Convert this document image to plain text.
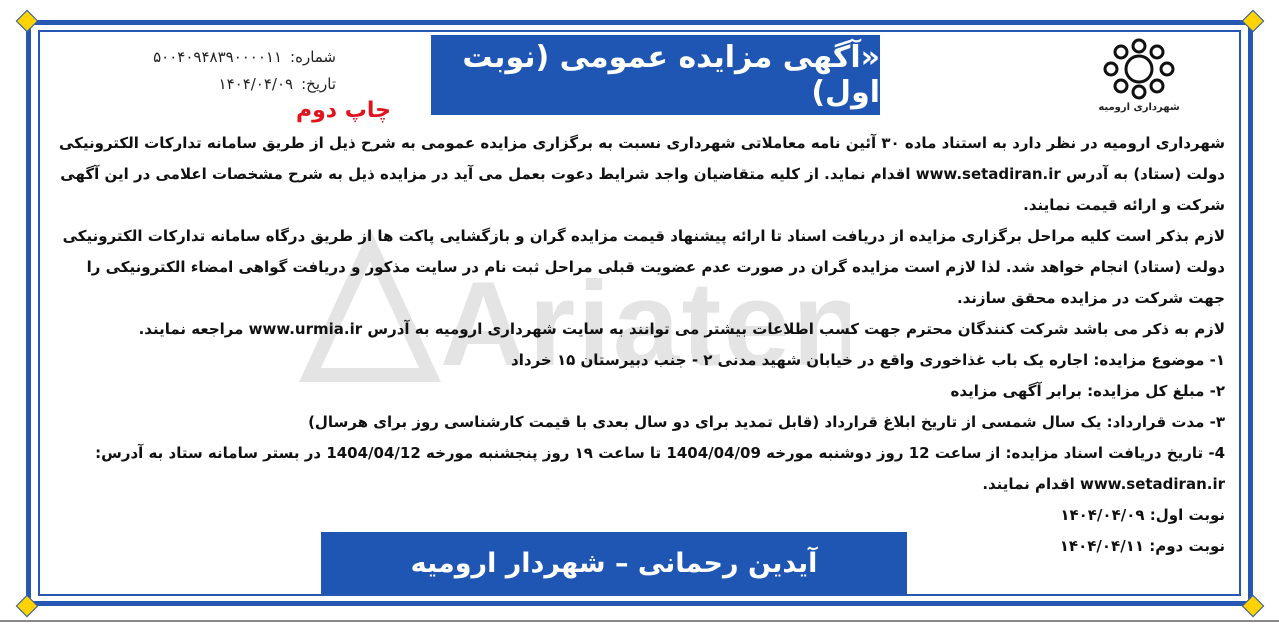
Ariaten
شماره:
۵۰۰۴۰۹۴۸۳۹۰۰۰۰۱۱
تاریخ:
۱۴۰۴/۰۴/۰۹
«آگهی مزایده عمومی (نوبت اول)	شهرداری ارومیه
چاپ دوم

شهرداری ارومیه در نظر دارد به استناد ماده ۳۰ آئین نامه معاملاتی شهرداری نسبت به برگزاری مزایده عمومی به شرح ذیل از طریق سامانه تدارکات الکترونیکی دولت (ستاد) به آدرس www.setadiran.ir اقدام نماید. از کلیه متقاضیان واجد شرایط دعوت بعمل می آید در مزایده ذیل به شرح مشخصات اعلامی در این آگهی شرکت و ارائه قیمت نمایند.

لازم بذکر است کلیه مراحل برگزاری مزایده از دریافت اسناد تا ارائه پیشنهاد قیمت مزایده گران و بازگشایی پاکت ها از طریق درگاه سامانه تدارکات الکترونیکی دولت (ستاد) انجام خواهد شد. لذا لازم است مزایده گران در صورت عدم عضویت قبلی مراحل ثبت نام در سایت مذکور و دریافت گواهی امضاء الکترونیکی را جهت شرکت در مزایده محقق سازند.

لازم به ذکر می باشد شرکت کنندگان محترم جهت کسب اطلاعات بیشتر می توانند به سایت شهرداری ارومیه به آدرس www.urmia.ir مراجعه نمایند.

۱- موضوع مزایده: اجاره یک باب غذاخوری واقع در خیابان شهید مدنی ۲ - جنب دبیرستان ۱۵ خرداد

۲- مبلغ کل مزایده: برابر آگهی مزایده

۳- مدت قرارداد: یک سال شمسی از تاریخ ابلاغ قرارداد (قابل تمدید برای دو سال بعدی با قیمت کارشناسی روز برای هرسال)

4- تاریخ دریافت اسناد مزایده: از ساعت 12 روز دوشنبه مورخه 1404/04/09 تا ساعت ۱۹ روز پنجشنبه مورخه 1404/04/12 در بستر سامانه ستاد به آدرس: www.setadiran.ir اقدام نمایند.

نوبت اول: ۱۴۰۴/۰۴/۰۹

نوبت دوم: ۱۴۰۴/۰۴/۱۱

آیدین رحمانی – شهردار ارومیه
